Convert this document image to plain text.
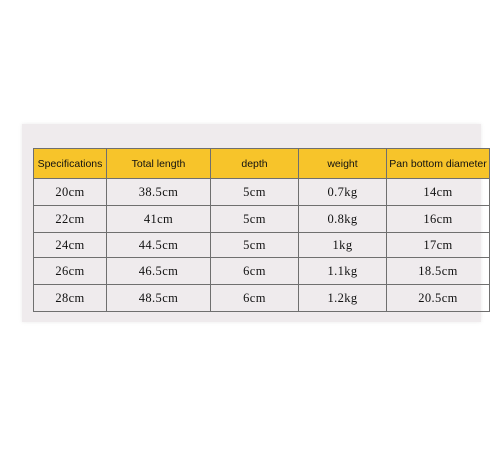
Specifications	Total length	depth	weight	Pan bottom diameter
20cm	38.5cm	5cm	0.7kg	14cm
22cm	41cm	5cm	0.8kg	16cm
24cm	44.5cm	5cm	1kg	17cm
26cm	46.5cm	6cm	1.1kg	18.5cm
28cm	48.5cm	6cm	1.2kg	20.5cm
